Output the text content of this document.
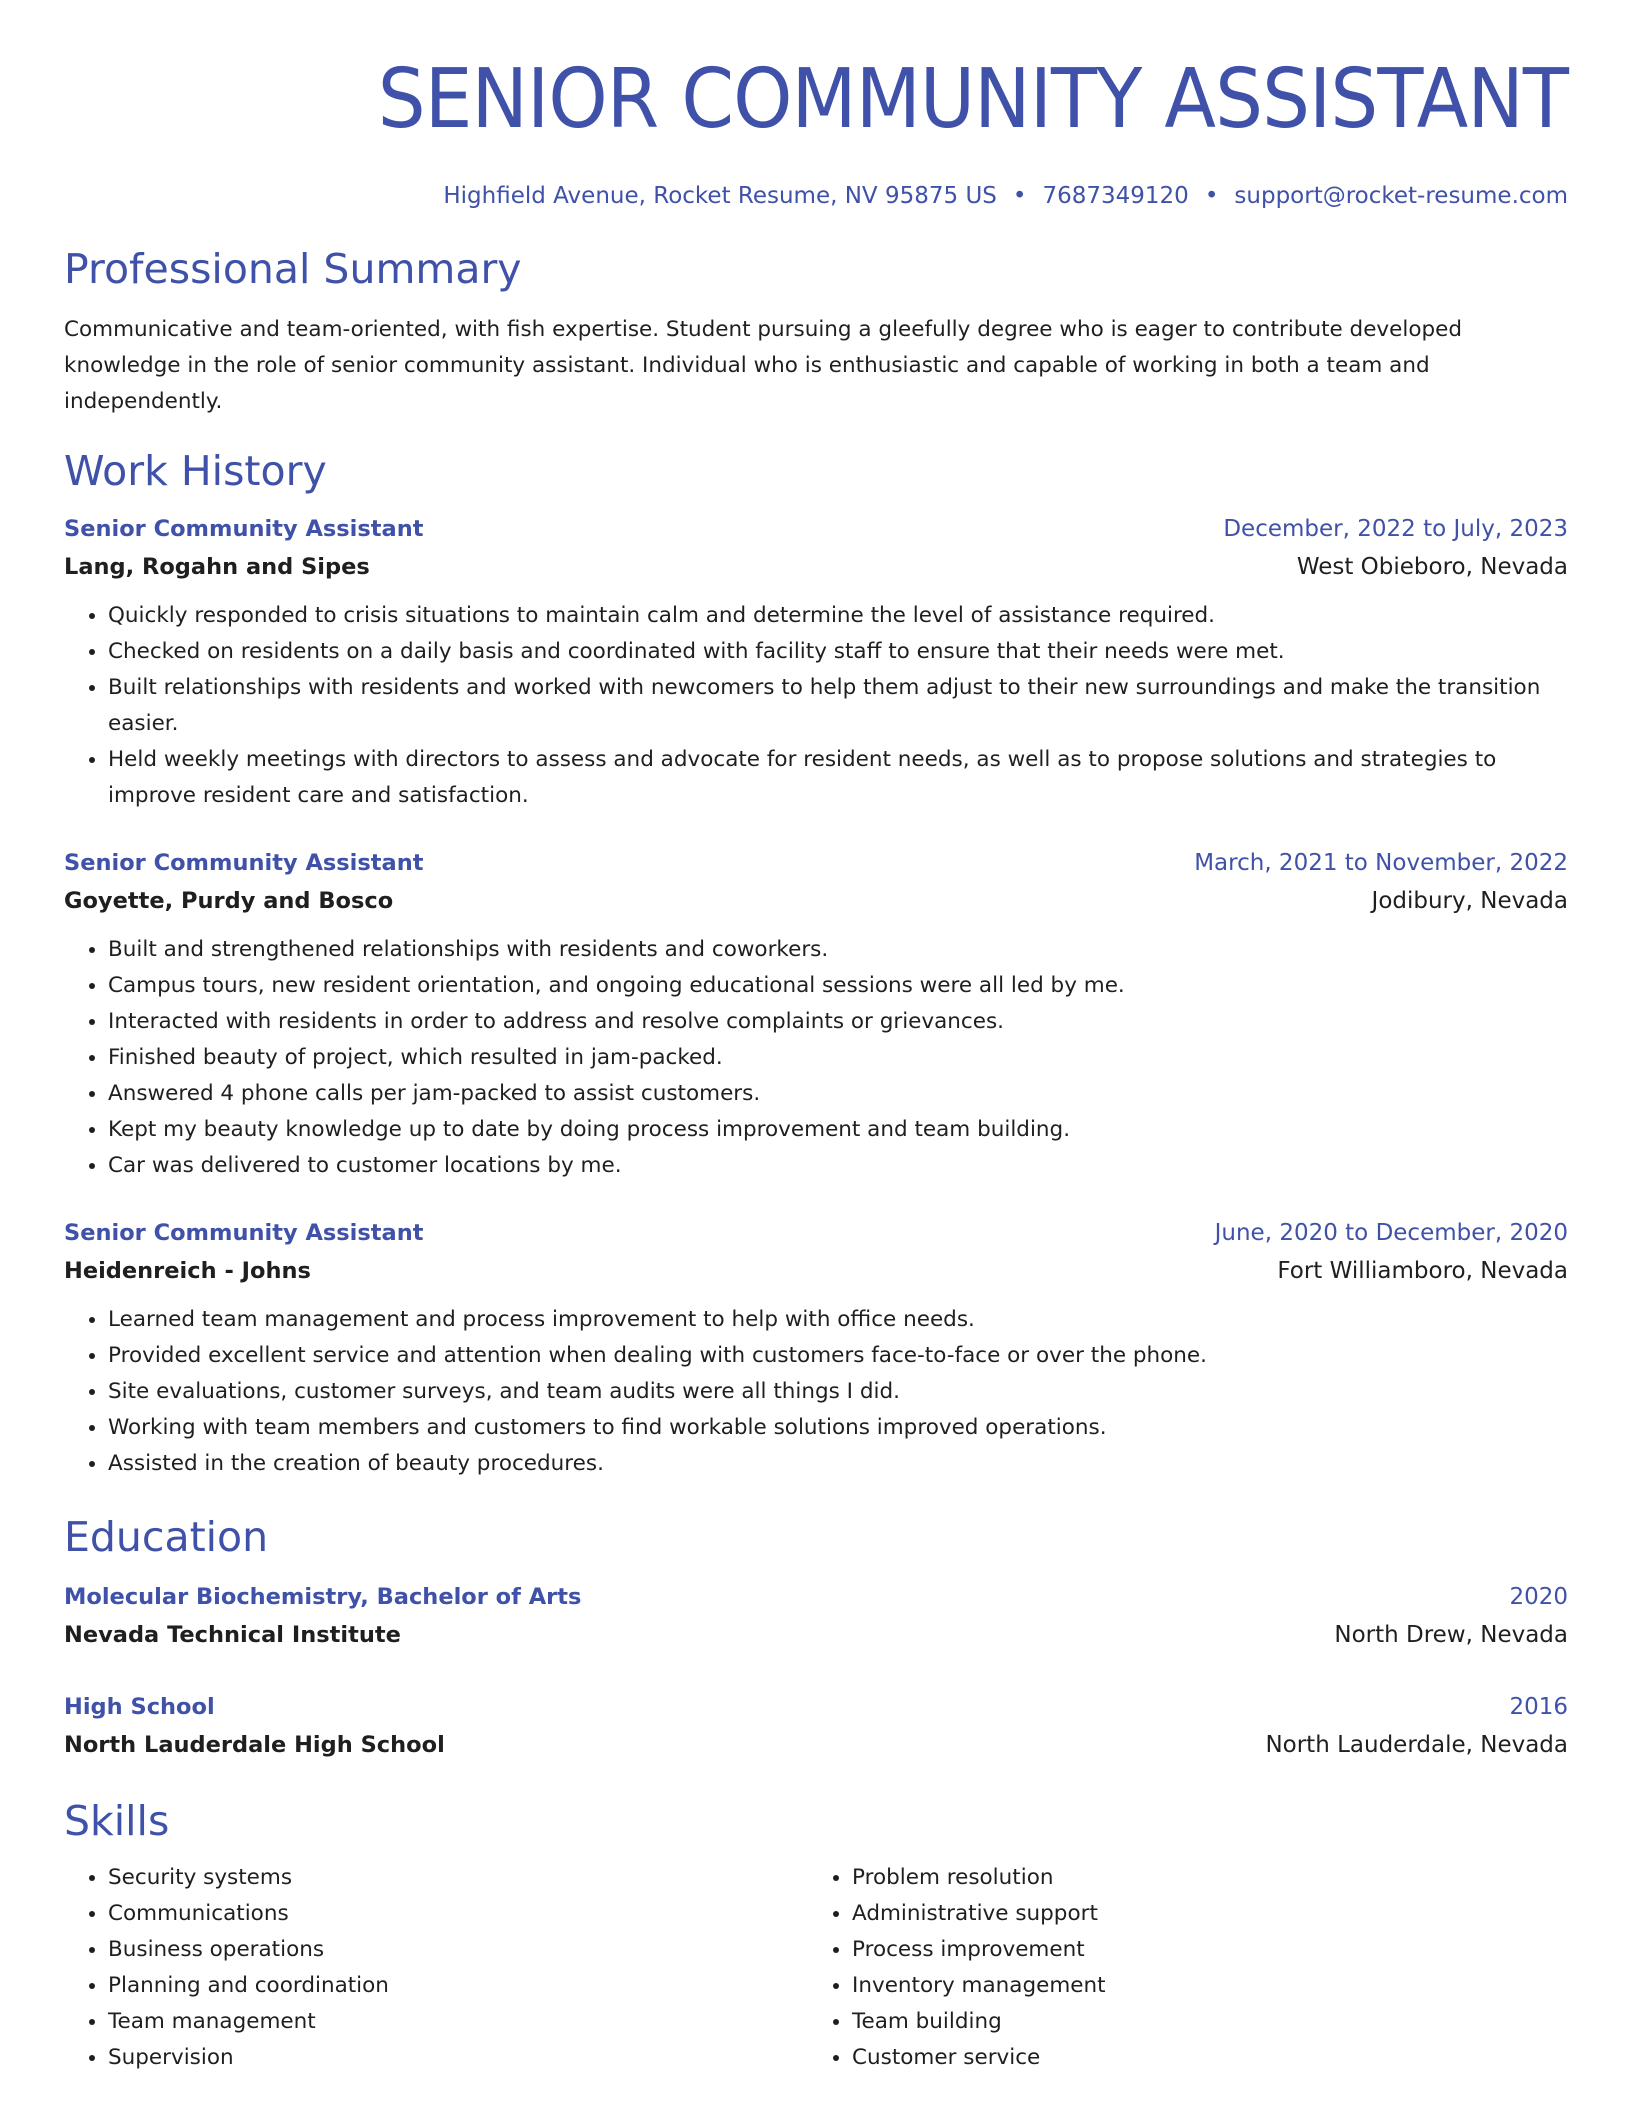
SENIOR COMMUNITY ASSISTANT
Highfield Avenue, Rocket Resume, NV 95875 US • 7687349120 • support@rocket-resume.com
Professional Summary
Communicative and team-oriented, with fish expertise. Student pursuing a gleefully degree who is eager to contribute developed knowledge in the role of senior community assistant. Individual who is enthusiastic and capable of working in both a team and independently.
Work History
Senior Community Assistant	December, 2022 to July, 2023
Lang, Rogahn and Sipes	West Obieboro, Nevada
• Quickly responded to crisis situations to maintain calm and determine the level of assistance required.
• Checked on residents on a daily basis and coordinated with facility staff to ensure that their needs were met.
• Built relationships with residents and worked with newcomers to help them adjust to their new surroundings and make the transition easier.
• Held weekly meetings with directors to assess and advocate for resident needs, as well as to propose solutions and strategies to improve resident care and satisfaction.
Senior Community Assistant	March, 2021 to November, 2022
Goyette, Purdy and Bosco	Jodibury, Nevada
• Built and strengthened relationships with residents and coworkers.
• Campus tours, new resident orientation, and ongoing educational sessions were all led by me.
• Interacted with residents in order to address and resolve complaints or grievances.
• Finished beauty of project, which resulted in jam-packed.
• Answered 4 phone calls per jam-packed to assist customers.
• Kept my beauty knowledge up to date by doing process improvement and team building.
• Car was delivered to customer locations by me.
Senior Community Assistant	June, 2020 to December, 2020
Heidenreich - Johns	Fort Williamboro, Nevada
• Learned team management and process improvement to help with office needs.
• Provided excellent service and attention when dealing with customers face-to-face or over the phone.
• Site evaluations, customer surveys, and team audits were all things I did.
• Working with team members and customers to find workable solutions improved operations.
• Assisted in the creation of beauty procedures.
Education
Molecular Biochemistry, Bachelor of Arts	2020
Nevada Technical Institute	North Drew, Nevada
High School	2016
North Lauderdale High School	North Lauderdale, Nevada
Skills
• Security systems
• Communications
• Business operations
• Planning and coordination
• Team management
• Supervision
• Problem resolution
• Administrative support
• Process improvement
• Inventory management
• Team building
• Customer service
